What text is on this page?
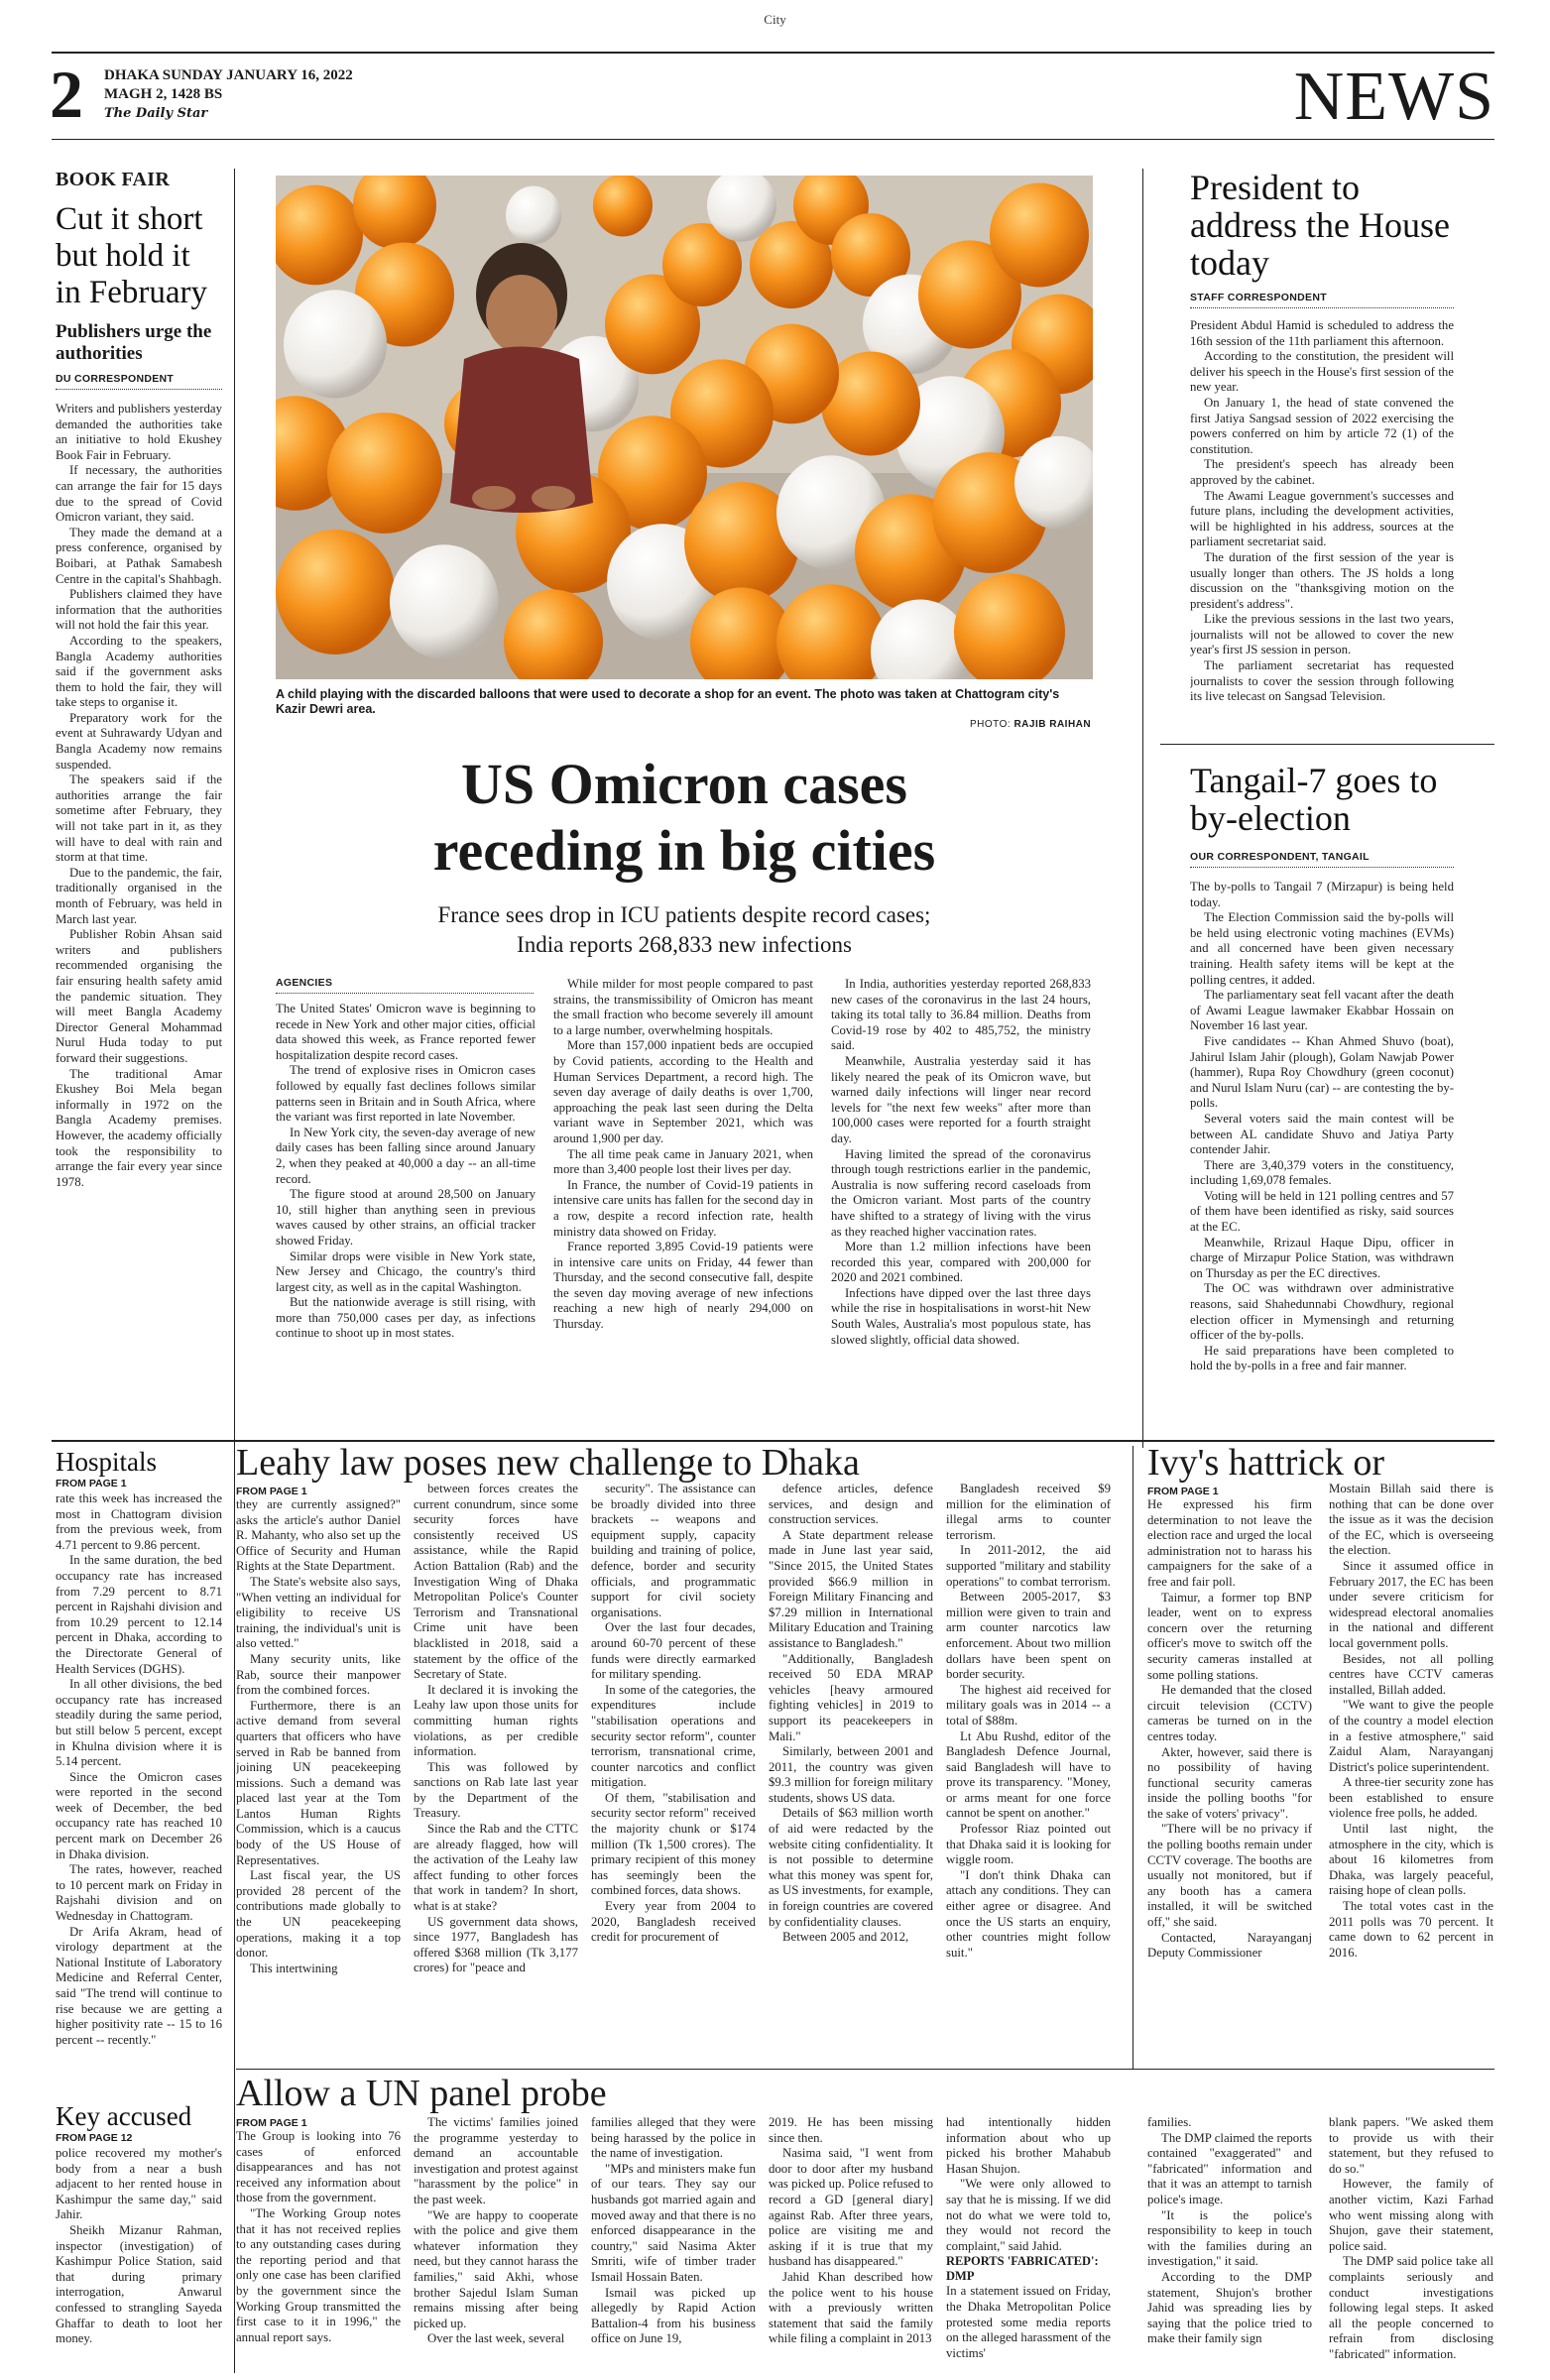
City
2 DHAKA SUNDAY JANUARY 16, 2022
MAGH 2, 1428 BS
The Daily Star	NEWS
BOOK FAIR
Cut it short but hold it in February
Publishers urge the authorities
DU CORRESPONDENT

Writers and publishers yesterday demanded the authorities take an initiative to hold Ekushey Book Fair in February.

If necessary, the authorities can arrange the fair for 15 days due to the spread of Covid Omicron variant, they said.

They made the demand at a press conference, organised by Boibari, at Pathak Samabesh Centre in the capital's Shahbagh.

Publishers claimed they have information that the authorities will not hold the fair this year.

According to the speakers, Bangla Academy authorities said if the government asks them to hold the fair, they will take steps to organise it.

Preparatory work for the event at Suhrawardy Udyan and Bangla Academy now remains suspended.

The speakers said if the authorities arrange the fair sometime after February, they will not take part in it, as they will have to deal with rain and storm at that time.

Due to the pandemic, the fair, traditionally organised in the month of February, was held in March last year.

Publisher Robin Ahsan said writers and publishers recommended organising the fair ensuring health safety amid the pandemic situation. They will meet Bangla Academy Director General Mohammad Nurul Huda today to put forward their suggestions.

The traditional Amar Ekushey Boi Mela began informally in 1972 on the Bangla Academy premises. However, the academy officially took the responsibility to arrange the fair every year since 1978.

A child playing with the discarded balloons that were used to decorate a shop for an event. The photo was taken at Chattogram city's Kazir Dewri area.
PHOTO: RAJIB RAIHAN
US Omicron cases
receding in big cities
France sees drop in ICU patients despite record cases;
India reports 268,833 new infections
AGENCIES

The United States' Omicron wave is beginning to recede in New York and other major cities, official data showed this week, as France reported fewer hospitalization despite record cases.

The trend of explosive rises in Omicron cases followed by equally fast declines follows similar patterns seen in Britain and in South Africa, where the variant was first reported in late November.

In New York city, the seven-day average of new daily cases has been falling since around January 2, when they peaked at 40,000 a day -- an all-time record.

The figure stood at around 28,500 on January 10, still higher than anything seen in previous waves caused by other strains, an official tracker showed Friday.

Similar drops were visible in New York state, New Jersey and Chicago, the country's third largest city, as well as in the capital Washington.

But the nationwide average is still rising, with more than 750,000 cases per day, as infections continue to shoot up in most states.

While milder for most people compared to past strains, the transmissibility of Omicron has meant the small fraction who become severely ill amount to a large number, overwhelming hospitals.

More than 157,000 inpatient beds are occupied by Covid patients, according to the Health and Human Services Department, a record high. The seven day average of daily deaths is over 1,700, approaching the peak last seen during the Delta variant wave in September 2021, which was around 1,900 per day.

The all time peak came in January 2021, when more than 3,400 people lost their lives per day.

In France, the number of Covid-19 patients in intensive care units has fallen for the second day in a row, despite a record infection rate, health ministry data showed on Friday.

France reported 3,895 Covid-19 patients were in intensive care units on Friday, 44 fewer than Thursday, and the second consecutive fall, despite the seven day moving average of new infections reaching a new high of nearly 294,000 on Thursday.

In India, authorities yesterday reported 268,833 new cases of the coronavirus in the last 24 hours, taking its total tally to 36.84 million. Deaths from Covid-19 rose by 402 to 485,752, the ministry said.

Meanwhile, Australia yesterday said it has likely neared the peak of its Omicron wave, but warned daily infections will linger near record levels for "the next few weeks" after more than 100,000 cases were reported for a fourth straight day.

Having limited the spread of the coronavirus through tough restrictions earlier in the pandemic, Australia is now suffering record caseloads from the Omicron variant. Most parts of the country have shifted to a strategy of living with the virus as they reached higher vaccination rates.

More than 1.2 million infections have been recorded this year, compared with 200,000 for 2020 and 2021 combined.

Infections have dipped over the last three days while the rise in hospitalisations in worst-hit New South Wales, Australia's most populous state, has slowed slightly, official data showed.

President to address the House today
STAFF CORRESPONDENT

President Abdul Hamid is scheduled to address the 16th session of the 11th parliament this afternoon.

According to the constitution, the president will deliver his speech in the House's first session of the new year.

On January 1, the head of state convened the first Jatiya Sangsad session of 2022 exercising the powers conferred on him by article 72 (1) of the constitution.

The president's speech has already been approved by the cabinet.

The Awami League government's successes and future plans, including the development activities, will be highlighted in his address, sources at the parliament secretariat said.

The duration of the first session of the year is usually longer than others. The JS holds a long discussion on the "thanksgiving motion on the president's address".

Like the previous sessions in the last two years, journalists will not be allowed to cover the new year's first JS session in person.

The parliament secretariat has requested journalists to cover the session through following its live telecast on Sangsad Television.

Tangail-7 goes to by-election
OUR CORRESPONDENT, TANGAIL

The by-polls to Tangail 7 (Mirzapur) is being held today.

The Election Commission said the by-polls will be held using electronic voting machines (EVMs) and all concerned have been given necessary training. Health safety items will be kept at the polling centres, it added.

The parliamentary seat fell vacant after the death of Awami League lawmaker Ekabbar Hossain on November 16 last year.

Five candidates -- Khan Ahmed Shuvo (boat), Jahirul Islam Jahir (plough), Golam Nawjab Power (hammer), Rupa Roy Chowdhury (green coconut) and Nurul Islam Nuru (car) -- are contesting the by-polls.

Several voters said the main contest will be between AL candidate Shuvo and Jatiya Party contender Jahir.

There are 3,40,379 voters in the constituency, including 1,69,078 females.

Voting will be held in 121 polling centres and 57 of them have been identified as risky, said sources at the EC.

Meanwhile, Rrizaul Haque Dipu, officer in charge of Mirzapur Police Station, was withdrawn on Thursday as per the EC directives.

The OC was withdrawn over administrative reasons, said Shahedunnabi Chowdhury, regional election officer in Mymensingh and returning officer of the by-polls.

He said preparations have been completed to hold the by-polls in a free and fair manner.

Hospitals
FROM PAGE 1

rate this week has increased the most in Chattogram division from the previous week, from 4.71 percent to 9.86 percent.

In the same duration, the bed occupancy rate has increased from 7.29 percent to 8.71 percent in Rajshahi division and from 10.29 percent to 12.14 percent in Dhaka, according to the Directorate General of Health Services (DGHS).

In all other divisions, the bed occupancy rate has increased steadily during the same period, but still below 5 percent, except in Khulna division where it is 5.14 percent.

Since the Omicron cases were reported in the second week of December, the bed occupancy rate has reached 10 percent mark on December 26 in Dhaka division.

The rates, however, reached to 10 percent mark on Friday in Rajshahi division and on Wednesday in Chattogram.

Dr Arifa Akram, head of virology department at the National Institute of Laboratory Medicine and Referral Center, said "The trend will continue to rise because we are getting a higher positivity rate -- 15 to 16 percent -- recently."

Key accused
FROM PAGE 12

police recovered my mother's body from a near a bush adjacent to her rented house in Kashimpur the same day," said Jahir.

Sheikh Mizanur Rahman, inspector (investigation) of Kashimpur Police Station, said that during primary interrogation, Anwarul confessed to strangling Sayeda Ghaffar to death to loot her money.

Leahy law poses new challenge to Dhaka
FROM PAGE 1

they are currently assigned?" asks the article's author Daniel R. Mahanty, who also set up the Office of Security and Human Rights at the State Department.

The State's website also says, "When vetting an individual for eligibility to receive US training, the individual's unit is also vetted."

Many security units, like Rab, source their manpower from the combined forces.

Furthermore, there is an active demand from several quarters that officers who have served in Rab be banned from joining UN peacekeeping missions. Such a demand was placed last year at the Tom Lantos Human Rights Commission, which is a caucus body of the US House of Representatives.

Last fiscal year, the US provided 28 percent of the contributions made globally to the UN peacekeeping operations, making it a top donor.

This intertwining

between forces creates the current conundrum, since some security forces have consistently received US assistance, while the Rapid Action Battalion (Rab) and the Investigation Wing of Dhaka Metropolitan Police's Counter Terrorism and Transnational Crime unit have been blacklisted in 2018, said a statement by the office of the Secretary of State.

It declared it is invoking the Leahy law upon those units for committing human rights violations, as per credible information.

This was followed by sanctions on Rab late last year by the Department of the Treasury.

Since the Rab and the CTTC are already flagged, how will the activation of the Leahy law affect funding to other forces that work in tandem? In short, what is at stake?

US government data shows, since 1977, Bangladesh has offered $368 million (Tk 3,177 crores) for "peace and

security". The assistance can be broadly divided into three brackets -- weapons and equipment supply, capacity building and training of police, defence, border and security officials, and programmatic support for civil society organisations.

Over the last four decades, around 60-70 percent of these funds were directly earmarked for military spending.

In some of the categories, the expenditures include "stabilisation operations and security sector reform", counter terrorism, transnational crime, counter narcotics and conflict mitigation.

Of them, "stabilisation and security sector reform" received the majority chunk or $174 million (Tk 1,500 crores). The primary recipient of this money has seemingly been the combined forces, data shows.

Every year from 2004 to 2020, Bangladesh received credit for procurement of

defence articles, defence services, and design and construction services.

A State department release made in June last year said, "Since 2015, the United States provided $66.9 million in Foreign Military Financing and $7.29 million in International Military Education and Training assistance to Bangladesh."

"Additionally, Bangladesh received 50 EDA MRAP vehicles [heavy armoured fighting vehicles] in 2019 to support its peacekeepers in Mali."

Similarly, between 2001 and 2011, the country was given $9.3 million for foreign military students, shows US data.

Details of $63 million worth of aid were redacted by the website citing confidentiality. It is not possible to determine what this money was spent for, as US investments, for example, in foreign countries are covered by confidentiality clauses.

Between 2005 and 2012,

Bangladesh received $9 million for the elimination of illegal arms to counter terrorism.

In 2011-2012, the aid supported "military and stability operations" to combat terrorism.

Between 2005-2017, $3 million were given to train and arm counter narcotics law enforcement. About two million dollars have been spent on border security.

The highest aid received for military goals was in 2014 -- a total of $88m.

Lt Abu Rushd, editor of the Bangladesh Defence Journal, said Bangladesh will have to prove its transparency. "Money, or arms meant for one force cannot be spent on another."

Professor Riaz pointed out that Dhaka said it is looking for wiggle room.

"I don't think Dhaka can attach any conditions. They can either agree or disagree. And once the US starts an enquiry, other countries might follow suit."

Ivy's hattrick or
FROM PAGE 1

He expressed his firm determination to not leave the election race and urged the local administration not to harass his campaigners for the sake of a free and fair poll.

Taimur, a former top BNP leader, went on to express concern over the returning officer's move to switch off the security cameras installed at some polling stations.

He demanded that the closed circuit television (CCTV) cameras be turned on in the centres today.

Akter, however, said there is no possibility of having functional security cameras inside the polling booths "for the sake of voters' privacy".

"There will be no privacy if the polling booths remain under CCTV coverage. The booths are usually not monitored, but if any booth has a camera installed, it will be switched off," she said.

Contacted, Narayanganj Deputy Commissioner

Mostain Billah said there is nothing that can be done over the issue as it was the decision of the EC, which is overseeing the election.

Since it assumed office in February 2017, the EC has been under severe criticism for widespread electoral anomalies in the national and different local government polls.

Besides, not all polling centres have CCTV cameras installed, Billah added.

"We want to give the people of the country a model election in a festive atmosphere," said Zaidul Alam, Narayanganj District's police superintendent.

A three-tier security zone has been established to ensure violence free polls, he added.

Until last night, the atmosphere in the city, which is about 16 kilometres from Dhaka, was largely peaceful, raising hope of clean polls.

The total votes cast in the 2011 polls was 70 percent. It came down to 62 percent in 2016.

Allow a UN panel probe
FROM PAGE 1

The Group is looking into 76 cases of enforced disappearances and has not received any information about those from the government.

"The Working Group notes that it has not received replies to any outstanding cases during the reporting period and that only one case has been clarified by the government since the Working Group transmitted the first case to it in 1996," the annual report says.

The victims' families joined the programme yesterday to demand an accountable investigation and protest against "harassment by the police" in the past week.

"We are happy to cooperate with the police and give them whatever information they need, but they cannot harass the families," said Akhi, whose brother Sajedul Islam Suman remains missing after being picked up.

Over the last week, several

families alleged that they were being harassed by the police in the name of investigation.

"MPs and ministers make fun of our tears. They say our husbands got married again and moved away and that there is no enforced disappearance in the country," said Nasima Akter Smriti, wife of timber trader Ismail Hossain Baten.

Ismail was picked up allegedly by Rapid Action Battalion-4 from his business office on June 19,

2019. He has been missing since then.

Nasima said, "I went from door to door after my husband was picked up. Police refused to record a GD [general diary] against Rab. After three years, police are visiting me and asking if it is true that my husband has disappeared."

Jahid Khan described how the police went to his house with a previously written statement that said the family while filing a complaint in 2013

had intentionally hidden information about who up picked his brother Mahabub Hasan Shujon.

"We were only allowed to say that he is missing. If we did not do what we were told to, they would not record the complaint," said Jahid.

REPORTS 'FABRICATED': DMP

In a statement issued on Friday, the Dhaka Metropolitan Police protested some media reports on the alleged harassment of the victims'

families.

The DMP claimed the reports contained "exaggerated" and "fabricated" information and that it was an attempt to tarnish police's image.

"It is the police's responsibility to keep in touch with the families during an investigation," it said.

According to the DMP statement, Shujon's brother Jahid was spreading lies by saying that the police tried to make their family sign

blank papers. "We asked them to provide us with their statement, but they refused to do so."

However, the family of another victim, Kazi Farhad who went missing along with Shujon, gave their statement, police said.

The DMP said police take all complaints seriously and conduct investigations following legal steps. It asked all the people concerned to refrain from disclosing "fabricated" information.
